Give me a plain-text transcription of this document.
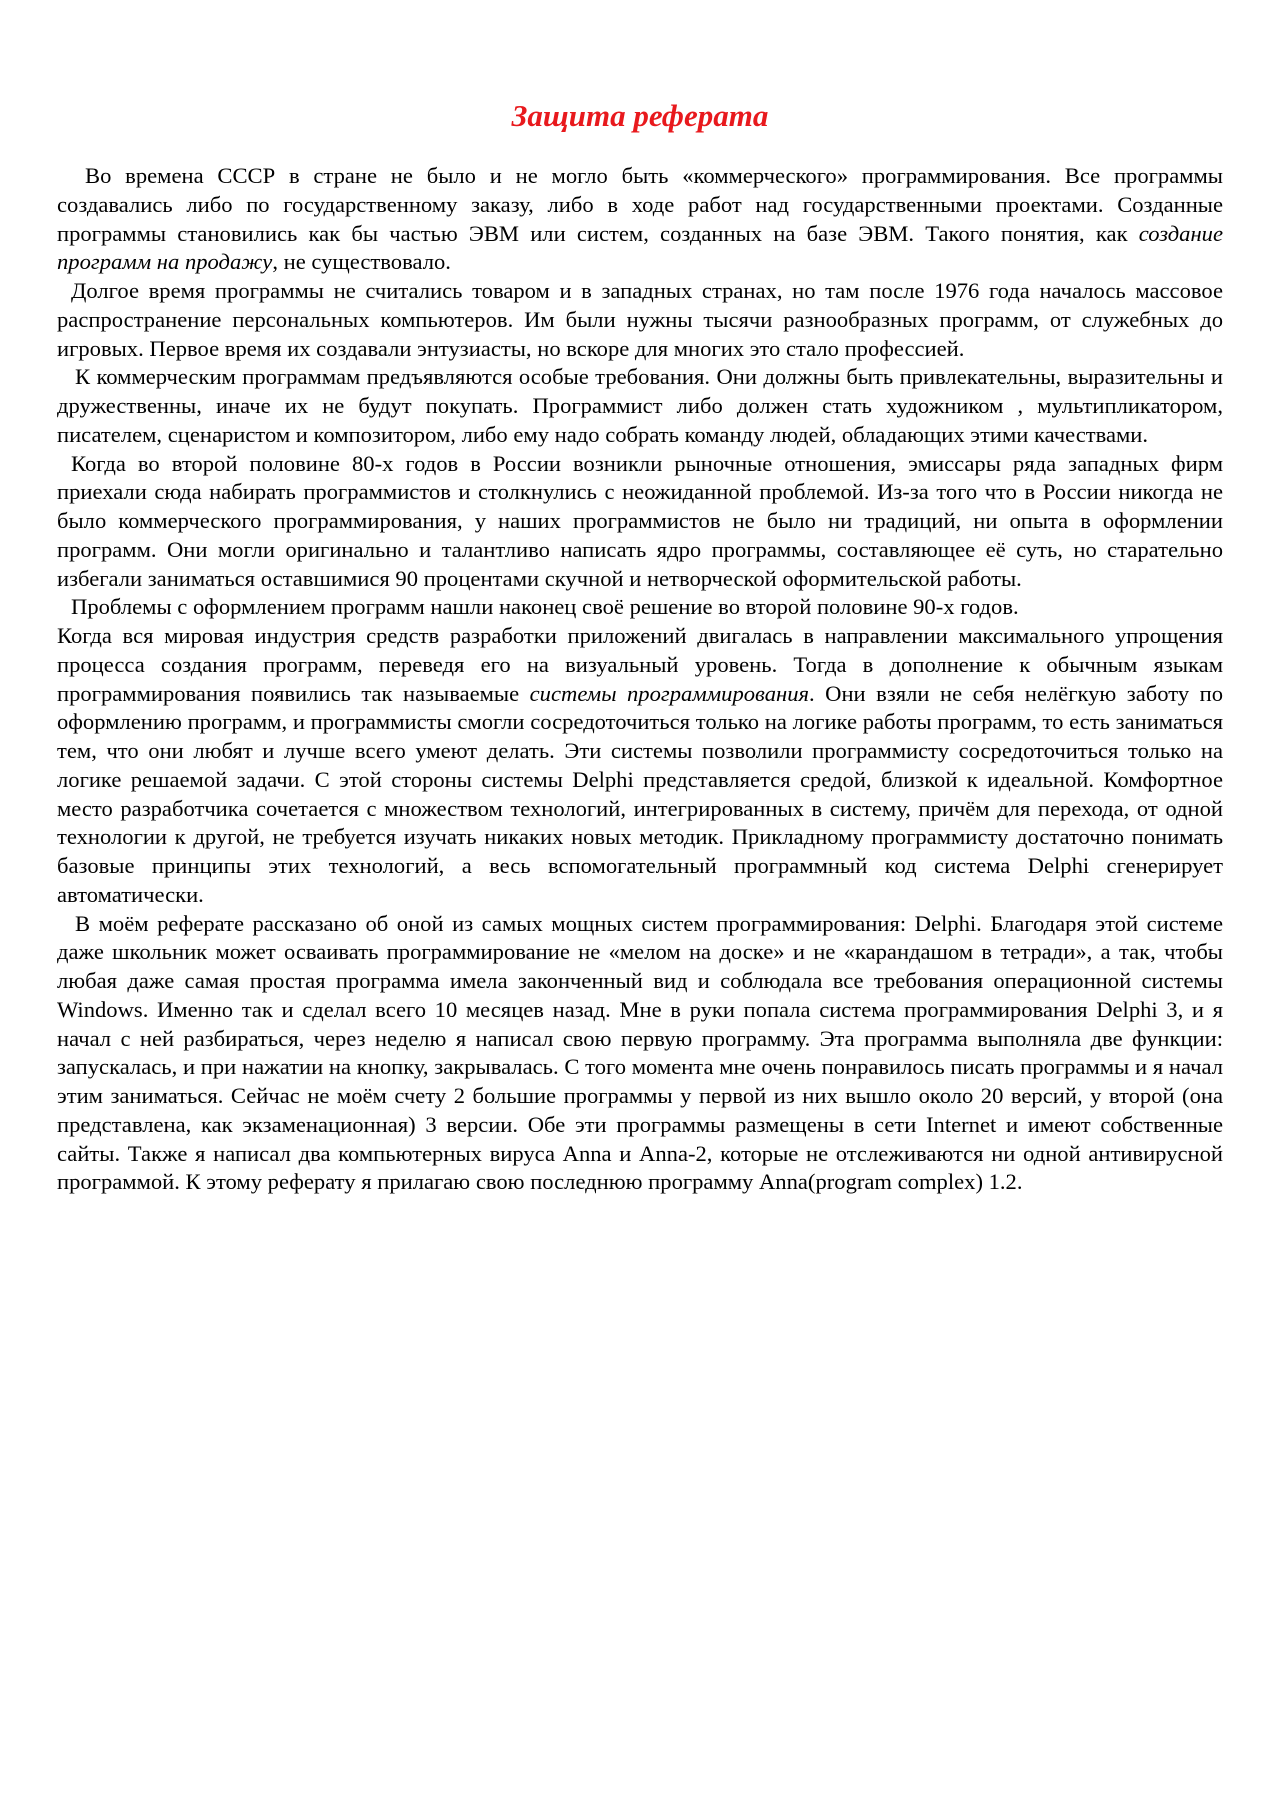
Защита реферата

Во времена СССР в стране не было и не могло быть «коммерческого» программирования. Все программы создавались либо по государственному заказу, либо в ходе работ над государственными проектами. Созданные программы становились как бы частью ЭВМ или систем, созданных на базе ЭВМ. Такого понятия, как создание программ на продажу, не существовало.

Долгое время программы не считались товаром и в западных странах, но там после 1976 года началось массовое распространение персональных компьютеров. Им были нужны тысячи разнообразных программ, от служебных до игровых. Первое время их создавали энтузиасты, но вскоре для многих это стало профессией.

К коммерческим программам предъявляются особые требования. Они должны быть привлекательны, выразительны и дружественны, иначе их не будут покупать. Программист либо должен стать художником , мультипликатором, писателем, сценаристом и композитором, либо ему надо собрать команду людей, обладающих этими качествами.

Когда во второй половине 80-х годов в России возникли рыночные отношения, эмиссары ряда западных фирм приехали сюда набирать программистов и столкнулись с неожиданной проблемой. Из-за того что в России никогда не было коммерческого программирования, у наших программистов не было ни традиций, ни опыта в оформлении программ. Они могли оригинально и талантливо написать ядро программы, составляющее её суть, но старательно избегали заниматься оставшимися 90 процентами скучной и нетворческой оформительской работы.

Проблемы с оформлением программ нашли наконец своё решение во второй половине 90-х годов.

Когда вся мировая индустрия средств разработки приложений двигалась в направлении максимального упрощения процесса создания программ, переведя его на визуальный уровень. Тогда в дополнение к обычным языкам программирования появились так называемые системы программирования. Они взяли не себя нелёгкую заботу по оформлению программ, и программисты смогли сосредоточиться только на логике работы программ, то есть заниматься тем, что они любят и лучше всего умеют делать. Эти системы позволили программисту сосредоточиться только на логике решаемой задачи. С этой стороны системы Delphi представляется средой, близкой к идеальной. Комфортное место разработчика сочетается с множеством технологий, интегрированных в систему, причём для перехода, от одной технологии к другой, не требуется изучать никаких новых методик. Прикладному программисту достаточно понимать базовые принципы этих технологий, а весь вспомогательный программный код система Delphi сгенерирует автоматически.

В моём реферате рассказано об оной из самых мощных систем программирования: Delphi. Благодаря этой системе даже школьник может осваивать программирование не «мелом на доске» и не «карандашом в тетради», а так, чтобы любая даже самая простая программа имела законченный вид и соблюдала все требования операционной системы Windows. Именно так и сделал всего 10 месяцев назад. Мне в руки попала система программирования Delphi 3, и я начал с ней разбираться, через неделю я написал свою первую программу. Эта программа выполняла две функции: запускалась, и при нажатии на кнопку, закрывалась. С того момента мне очень понравилось писать программы и я начал этим заниматься. Сейчас не моём счету 2 большие программы у первой из них вышло около 20 версий, у второй (она представлена, как экзаменационная) 3 версии. Обе эти программы размещены в сети Internet и имеют собственные сайты. Также я написал два компьютерных вируса Anna и Anna-2, которые не отслеживаются ни одной антивирусной программой. К этому реферату я прилагаю свою последнюю программу Anna(program complex) 1.2.
